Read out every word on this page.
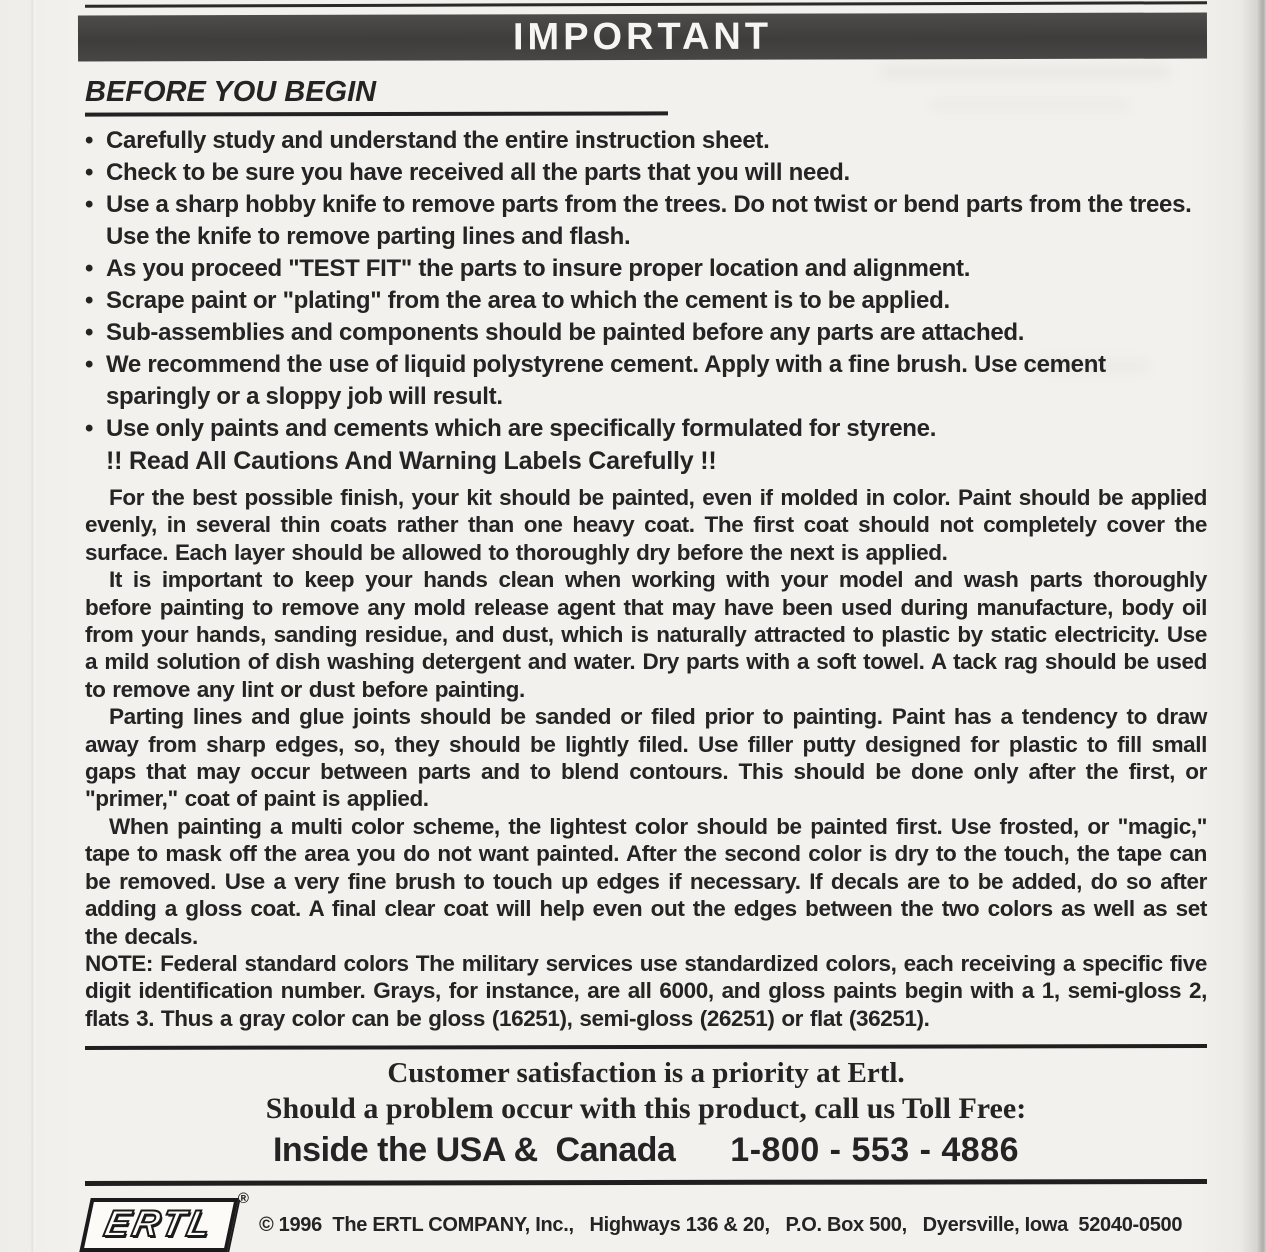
IMPORTANT
BEFORE YOU BEGIN
• Carefully study and understand the entire instruction sheet.
• Check to be sure you have received all the parts that you will need.
• Use a sharp hobby knife to remove parts from the trees. Do not twist or bend parts from the trees. Use the knife to remove parting lines and flash.
• As you proceed "TEST FIT" the parts to insure proper location and alignment.
• Scrape paint or "plating" from the area to which the cement is to be applied.
• Sub-assemblies and components should be painted before any parts are attached.
• We recommend the use of liquid polystyrene cement. Apply with a fine brush. Use cement sparingly or a sloppy job will result.
• Use only paints and cements which are specifically formulated for styrene.
!! Read All Cautions And Warning Labels Carefully !!

For the best possible finish, your kit should be painted, even if molded in color. Paint should be applied evenly, in several thin coats rather than one heavy coat. The first coat should not completely cover the surface. Each layer should be allowed to thoroughly dry before the next is applied.

It is important to keep your hands clean when working with your model and wash parts thoroughly before painting to remove any mold release agent that may have been used during manufacture, body oil from your hands, sanding residue, and dust, which is naturally attracted to plastic by static electricity. Use a mild solution of dish washing detergent and water. Dry parts with a soft towel. A tack rag should be used to remove any lint or dust before painting.

Parting lines and glue joints should be sanded or filed prior to painting. Paint has a tendency to draw away from sharp edges, so, they should be lightly filed. Use filler putty designed for plastic to fill small gaps that may occur between parts and to blend contours. This should be done only after the first, or "primer," coat of paint is applied.

When painting a multi color scheme, the lightest color should be painted first. Use frosted, or "magic," tape to mask off the area you do not want painted. After the second color is dry to the touch, the tape can be removed. Use a very fine brush to touch up edges if necessary. If decals are to be added, do so after adding a gloss coat. A final clear coat will help even out the edges between the two colors as well as set the decals.

NOTE: Federal standard colors The military services use standardized colors, each receiving a specific five digit identification number. Grays, for instance, are all 6000, and gloss paints begin with a 1, semi-gloss 2, flats 3. Thus a gray color can be gloss (16251), semi-gloss (26251) or flat (36251).

Customer satisfaction is a priority at Ertl.
Should a problem occur with this product, call us Toll Free:
Inside the USA &  Canada 1-800 - 553 - 4886
ERTL
®
© 1996  The ERTL COMPANY, Inc.,   Highways 136 & 20,   P.O. Box 500,   Dyersville, Iowa  52040-0500
